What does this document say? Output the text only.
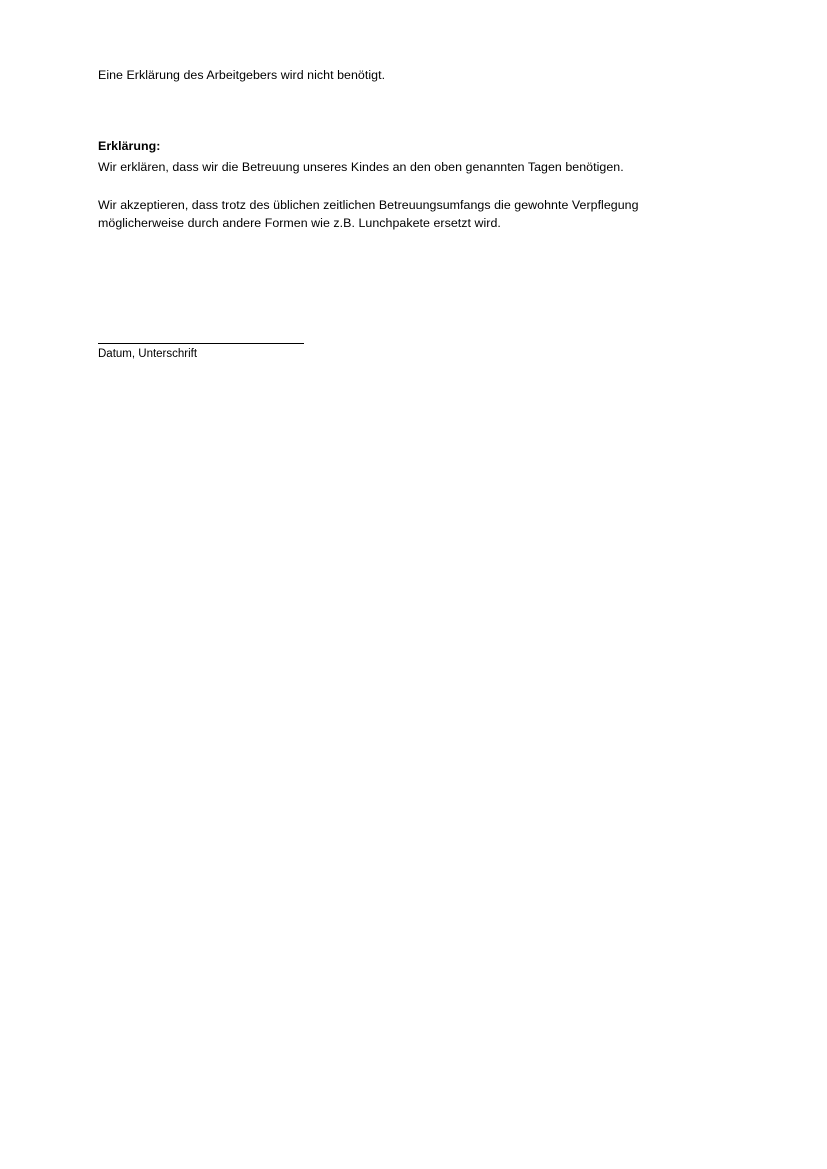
Eine Erklärung des Arbeitgebers wird nicht benötigt.
Erklärung:
Wir erklären, dass wir die Betreuung unseres Kindes an den oben genannten Tagen benötigen.
Wir akzeptieren, dass trotz des üblichen zeitlichen Betreuungsumfangs die gewohnte Verpflegung
möglicherweise durch andere Formen wie z.B. Lunchpakete ersetzt wird.
Datum, Unterschrift
